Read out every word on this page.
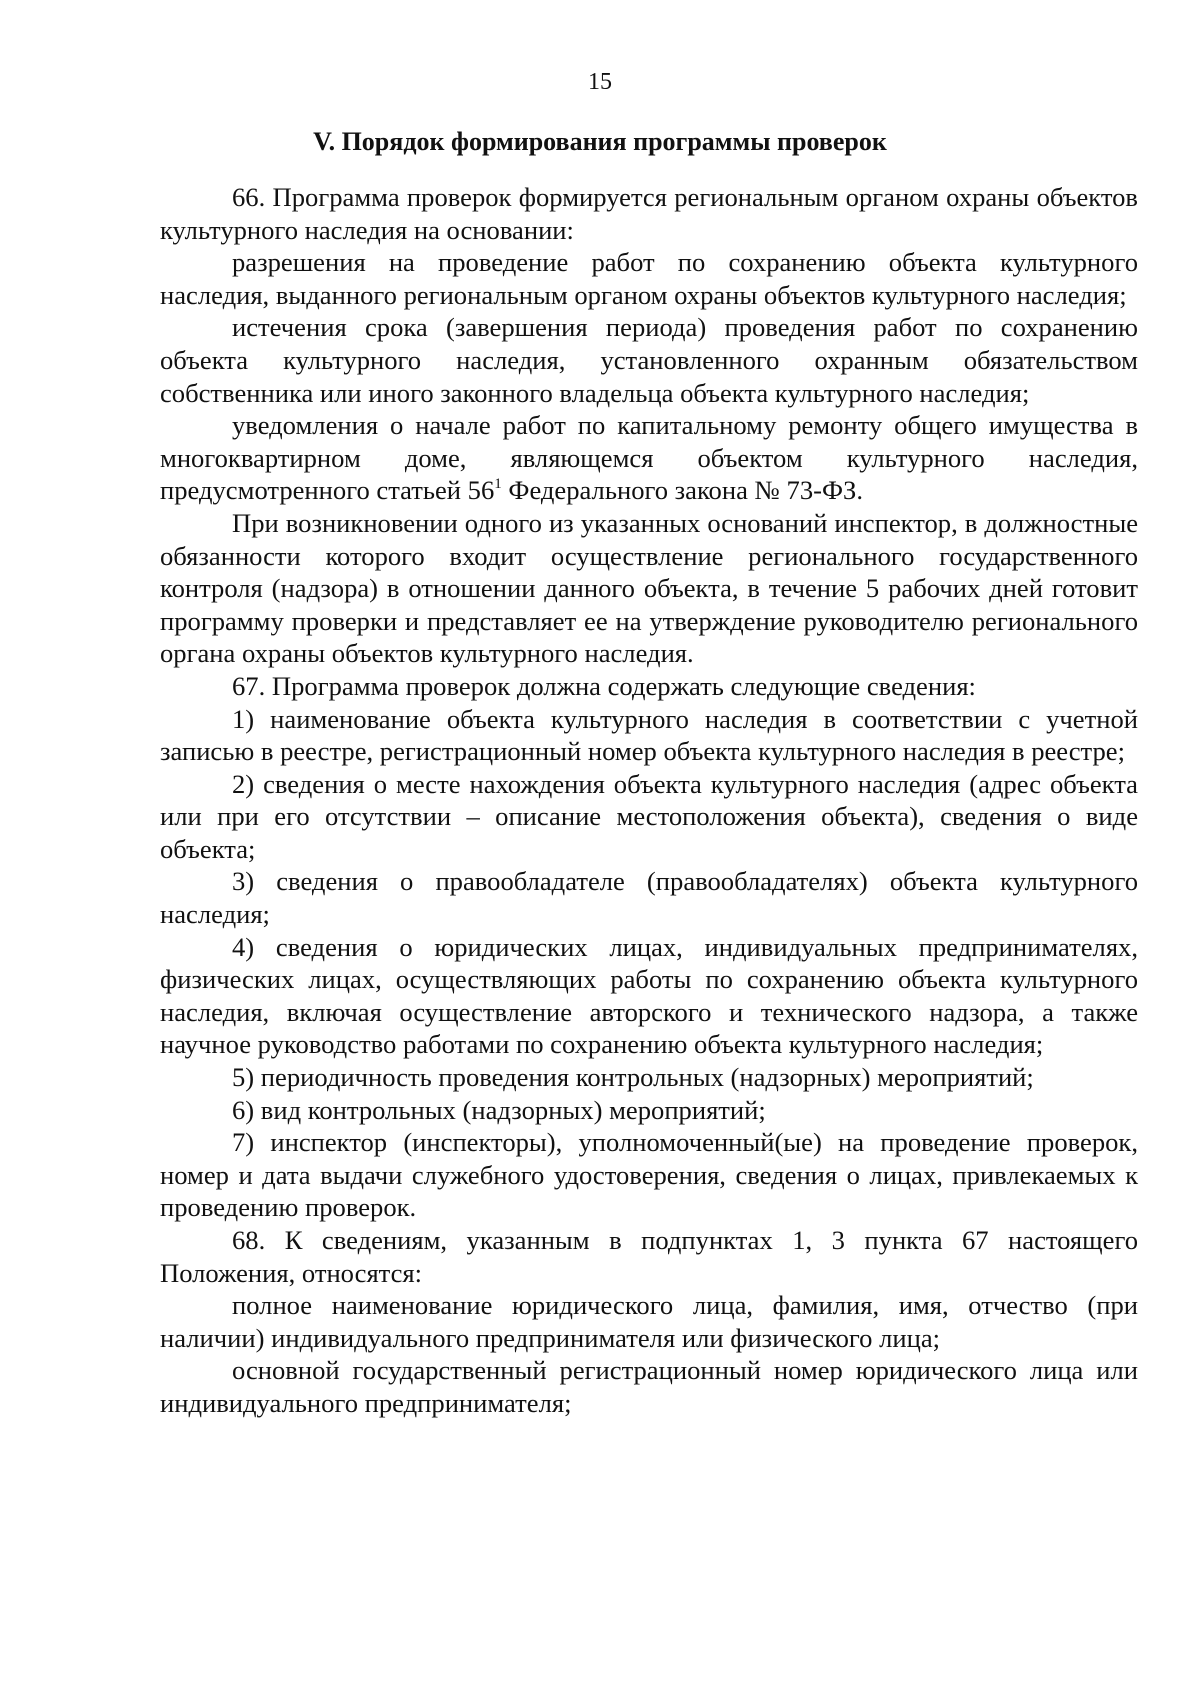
15
V. Порядок формирования программы проверок

66. Программа проверок формируется региональным органом охраны объектов культурного наследия на основании:

разрешения на проведение работ по сохранению объекта культурного наследия, выданного региональным органом охраны объектов культурного наследия;

истечения срока (завершения периода) проведения работ по сохранению объекта культурного наследия, установленного охранным обязательством собственника или иного законного владельца объекта культурного наследия;

уведомления о начале работ по капитальному ремонту общего имущества в многоквартирном доме, являющемся объектом культурного наследия, предусмотренного статьей $56^1$ Федерального закона № 73-ФЗ.

При возникновении одного из указанных оснований инспектор, в должностные обязанности которого входит осуществление регионального государственного контроля (надзора) в отношении данного объекта, в течение 5 рабочих дней готовит программу проверки и представляет ее на утверждение руководителю регионального органа охраны объектов культурного наследия.

67. Программа проверок должна содержать следующие сведения:

1) наименование объекта культурного наследия в соответствии с учетной записью в реестре, регистрационный номер объекта культурного наследия в реестре;

2) сведения о месте нахождения объекта культурного наследия (адрес объекта или при его отсутствии – описание местоположения объекта), сведения о виде объекта;

3) сведения о правообладателе (правообладателях) объекта культурного наследия;

4) сведения о юридических лицах, индивидуальных предпринимателях, физических лицах, осуществляющих работы по сохранению объекта культурного наследия, включая осуществление авторского и технического надзора, а также научное руководство работами по сохранению объекта культурного наследия;

5) периодичность проведения контрольных (надзорных) мероприятий;

6) вид контрольных (надзорных) мероприятий;

7) инспектор (инспекторы), уполномоченный(ые) на проведение проверок, номер и дата выдачи служебного удостоверения, сведения о лицах, привлекаемых к проведению проверок.

68. К сведениям, указанным в подпунктах 1, 3 пункта 67 настоящего Положения, относятся:

полное наименование юридического лица, фамилия, имя, отчество (при наличии) индивидуального предпринимателя или физического лица;

основной государственный регистрационный номер юридического лица или индивидуального предпринимателя;
